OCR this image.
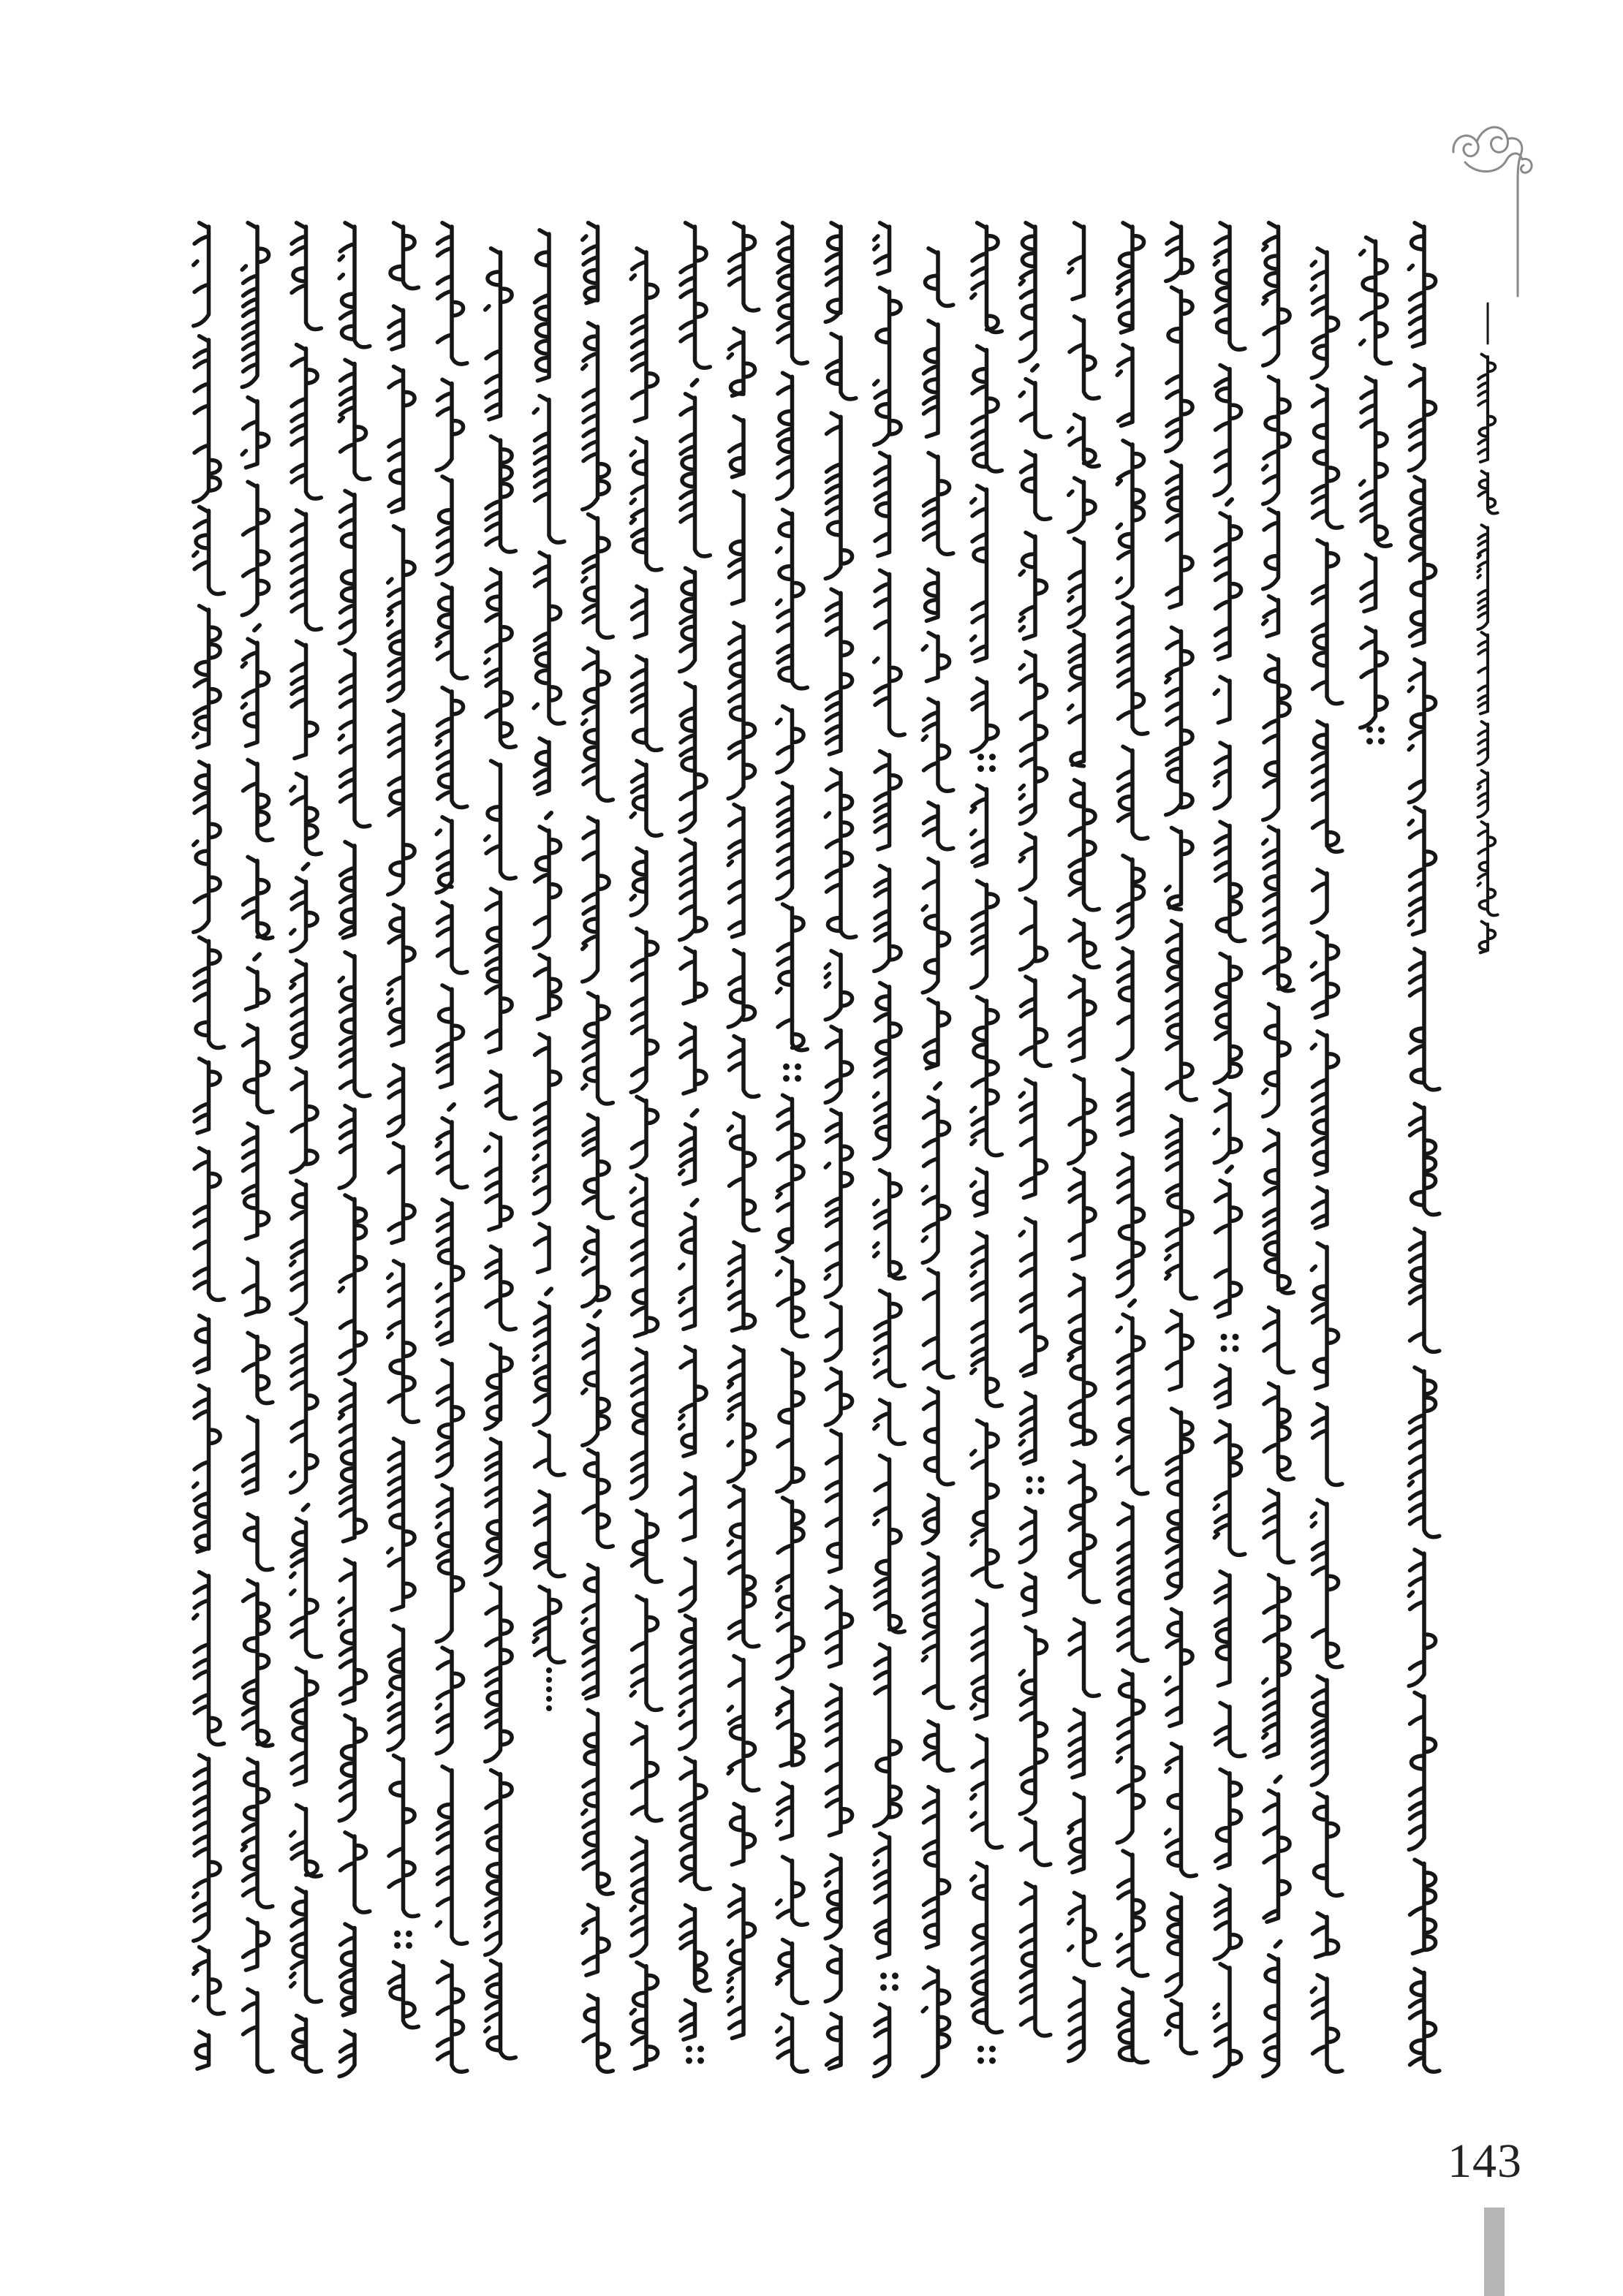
143
